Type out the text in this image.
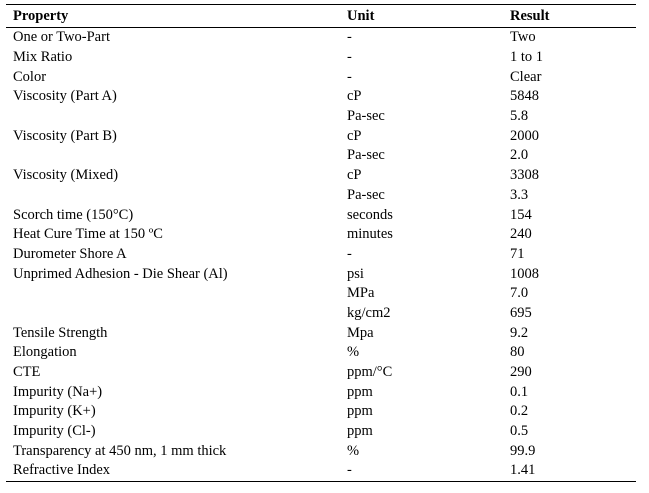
Property	Unit	Result
One or Two-Part	-	Two
Mix Ratio	-	1 to 1
Color	-	Clear
Viscosity (Part A)	cP	5848
	Pa-sec	5.8
Viscosity (Part B)	cP	2000
	Pa-sec	2.0
Viscosity (Mixed)	cP	3308
	Pa-sec	3.3
Scorch time (150°C)	seconds	154
Heat Cure Time at 150 ºC	minutes	240
Durometer Shore A	-	71
Unprimed Adhesion - Die Shear (Al)	psi	1008
	MPa	7.0
	kg/cm2	695
Tensile Strength	Mpa	9.2
Elongation	%	80
CTE	ppm/°C	290
Impurity (Na+)	ppm	0.1
Impurity (K+)	ppm	0.2
Impurity (Cl-)	ppm	0.5
Transparency at 450 nm, 1 mm thick	%	99.9
Refractive Index	-	1.41
